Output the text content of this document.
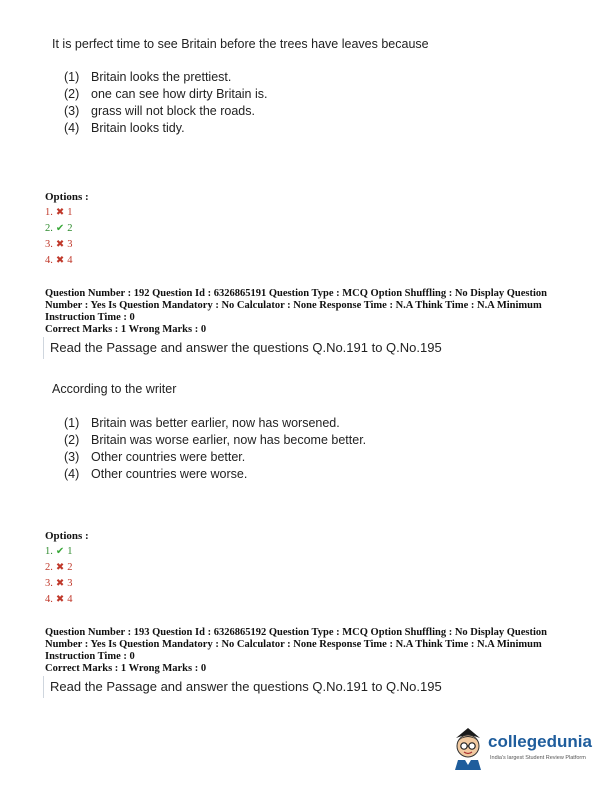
It is perfect time to see Britain before the trees have leaves because
(1) Britain looks the prettiest.
(2) one can see how dirty Britain is.
(3) grass will not block the roads.
(4) Britain looks tidy.
Options :
1. ✖ 1
2. ✔ 2
3. ✖ 3
4. ✖ 4
Question Number : 192 Question Id : 6326865191 Question Type : MCQ Option Shuffling : No Display Question
Number : Yes Is Question Mandatory : No Calculator : None Response Time : N.A Think Time : N.A Minimum
Instruction Time : 0
Correct Marks : 1 Wrong Marks : 0
Read the Passage and answer the questions Q.No.191 to Q.No.195
According to the writer
(1) Britain was better earlier, now has worsened.
(2) Britain was worse earlier, now has become better.
(3) Other countries were better.
(4) Other countries were worse.
Options :
1. ✔ 1
2. ✖ 2
3. ✖ 3
4. ✖ 4
Question Number : 193 Question Id : 6326865192 Question Type : MCQ Option Shuffling : No Display Question
Number : Yes Is Question Mandatory : No Calculator : None Response Time : N.A Think Time : N.A Minimum
Instruction Time : 0
Correct Marks : 1 Wrong Marks : 0
Read the Passage and answer the questions Q.No.191 to Q.No.195
collegedunia
India's largest Student Review Platform
